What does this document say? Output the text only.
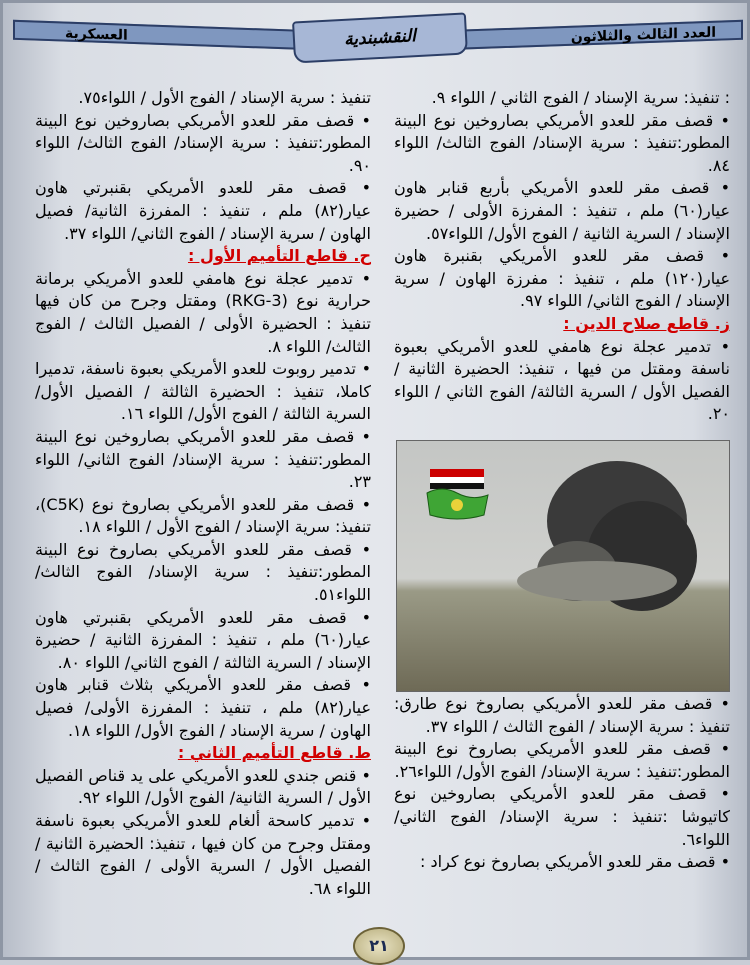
العسكرية	العدد الثالث والثلاثون
النقشبندية

: تنفيذ: سرية الإسناد / الفوج الثاني / اللواء ٩.

• قصف مقر للعدو الأمريكي بصاروخين نوع البينة المطور:تنفيذ : سرية الإسناد/ الفوج الثالث/ اللواء ٨٤.

• قصف مقر للعدو الأمريكي بأربع قنابر هاون عيار(٦٠) ملم ، تنفيذ : المفرزة الأولى / حضيرة الإسناد / السرية الثانية / الفوج الأول/ اللواء٥٧.

• قصف مقر للعدو الأمريكي بقنبرة هاون عيار(١٢٠) ملم ، تنفيذ : مفرزة الهاون / سرية الإسناد / الفوج الثاني/ اللواء ٩٧.

ز. قاطع صلاح الدين :

• تدمير عجلة نوع هامفي للعدو الأمريكي بعبوة ناسفة ومقتل من فيها ، تنفيذ: الحضيرة الثانية / الفصيل الأول / السرية الثالثة/ الفوج الثاني / اللواء ٢٠.

• قصف مقر للعدو الأمريكي بصاروخ نوع طارق: تنفيذ : سرية الإسناد / الفوج الثالث / اللواء ٣٧.

• قصف مقر للعدو الأمريكي بصاروخ نوع البينة المطور:تنفيذ : سرية الإسناد/ الفوج الأول/ اللواء٢٦.

• قصف مقر للعدو الأمريكي بصاروخين نوع كاتيوشا :تنفيذ : سرية الإسناد/ الفوج الثاني/ اللواء٦.

• قصف مقر للعدو الأمريكي بصاروخ نوع كراد :

تنفيذ : سرية الإسناد / الفوج الأول / اللواء٧٥.

• قصف مقر للعدو الأمريكي بصاروخين نوع البينة المطور:تنفيذ : سرية الإسناد/ الفوج الثالث/ اللواء ٩٠.

• قصف مقر للعدو الأمريكي بقنبرتي هاون عيار(٨٢) ملم ، تنفيذ : المفرزة الثانية/ فصيل الهاون / سرية الإسناد / الفوج الثاني/ اللواء ٣٧.

ح. قاطع التأميم الأول :

• تدمير عجلة نوع هامفي للعدو الأمريكي برمانة حرارية نوع (RKG-3) ومقتل وجرح من كان فيها تنفيذ : الحضيرة الأولى / الفصيل الثالث / الفوج الثالث/ اللواء ٨.

• تدمير روبوت للعدو الأمريكي بعبوة ناسفة، تدميرا كاملا، تنفيذ : الحضيرة الثالثة / الفصيل الأول/ السرية الثالثة / الفوج الأول/ اللواء ١٦.

• قصف مقر للعدو الأمريكي بصاروخين نوع البينة المطور:تنفيذ : سرية الإسناد/ الفوج الثاني/ اللواء ٢٣.

• قصف مقر للعدو الأمريكي بصاروخ نوع (C5K)، تنفيذ: سرية الإسناد / الفوج الأول / اللواء ١٨.

• قصف مقر للعدو الأمريكي بصاروخ نوع البينة المطور:تنفيذ : سرية الإسناد/ الفوج الثالث/ اللواء٥١.

• قصف مقر للعدو الأمريكي بقنبرتي هاون عيار(٦٠) ملم ، تنفيذ : المفرزة الثانية / حضيرة الإسناد / السرية الثالثة / الفوج الثاني/ اللواء ٨٠.

• قصف مقر للعدو الأمريكي بثلاث قنابر هاون عيار(٨٢) ملم ، تنفيذ : المفرزة الأولى/ فصيل الهاون / سرية الإسناد / الفوج الأول/ اللواء ١٨.

ط. قاطع التأميم الثاني :

• قنص جندي للعدو الأمريكي على يد قناص الفصيل الأول / السرية الثانية/ الفوج الأول/ اللواء ٩٢.

• تدمير كاسحة ألغام للعدو الأمريكي بعبوة ناسفة ومقتل وجرح من كان فيها ، تنفيذ: الحضيرة الثانية / الفصيل الأول / السرية الأولى / الفوج الثالث / اللواء ٦٨.

٢١
